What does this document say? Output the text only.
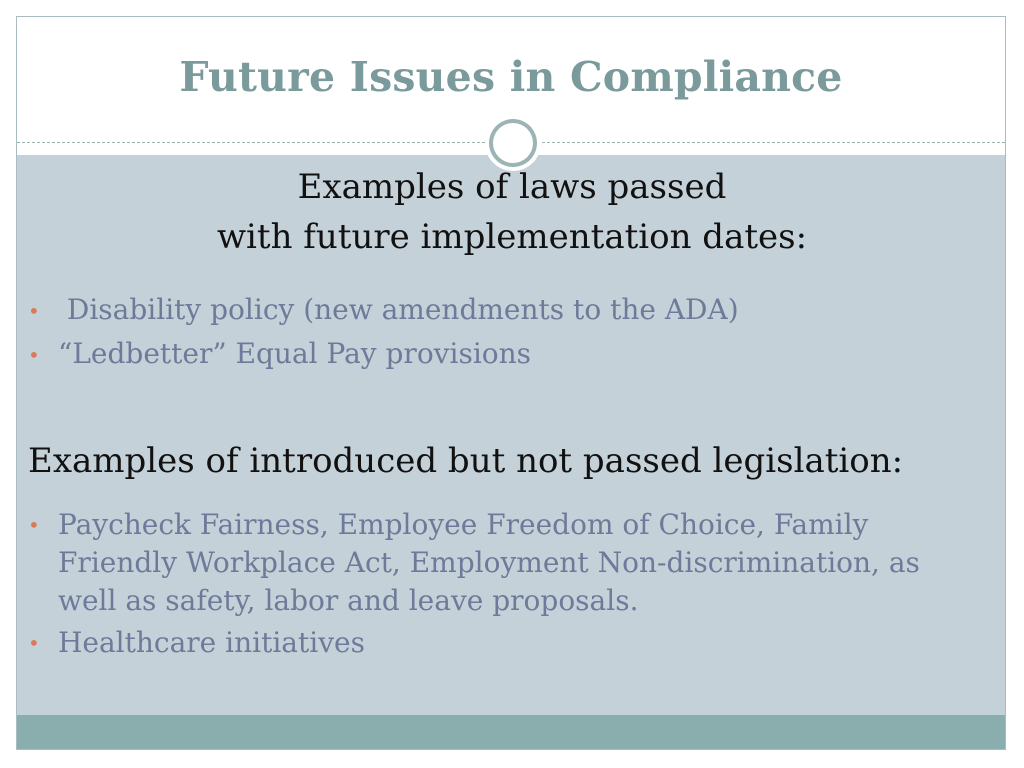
Future Issues in Compliance
Examples of laws passed
with future implementation dates:
• Disability policy (new amendments to the ADA)
• “Ledbetter” Equal Pay provisions
Examples of introduced but not passed legislation:
• Paycheck Fairness, Employee Freedom of Choice, Family Friendly Workplace Act, Employment Non-discrimination, as well as safety, labor and leave proposals.
• Healthcare initiatives
